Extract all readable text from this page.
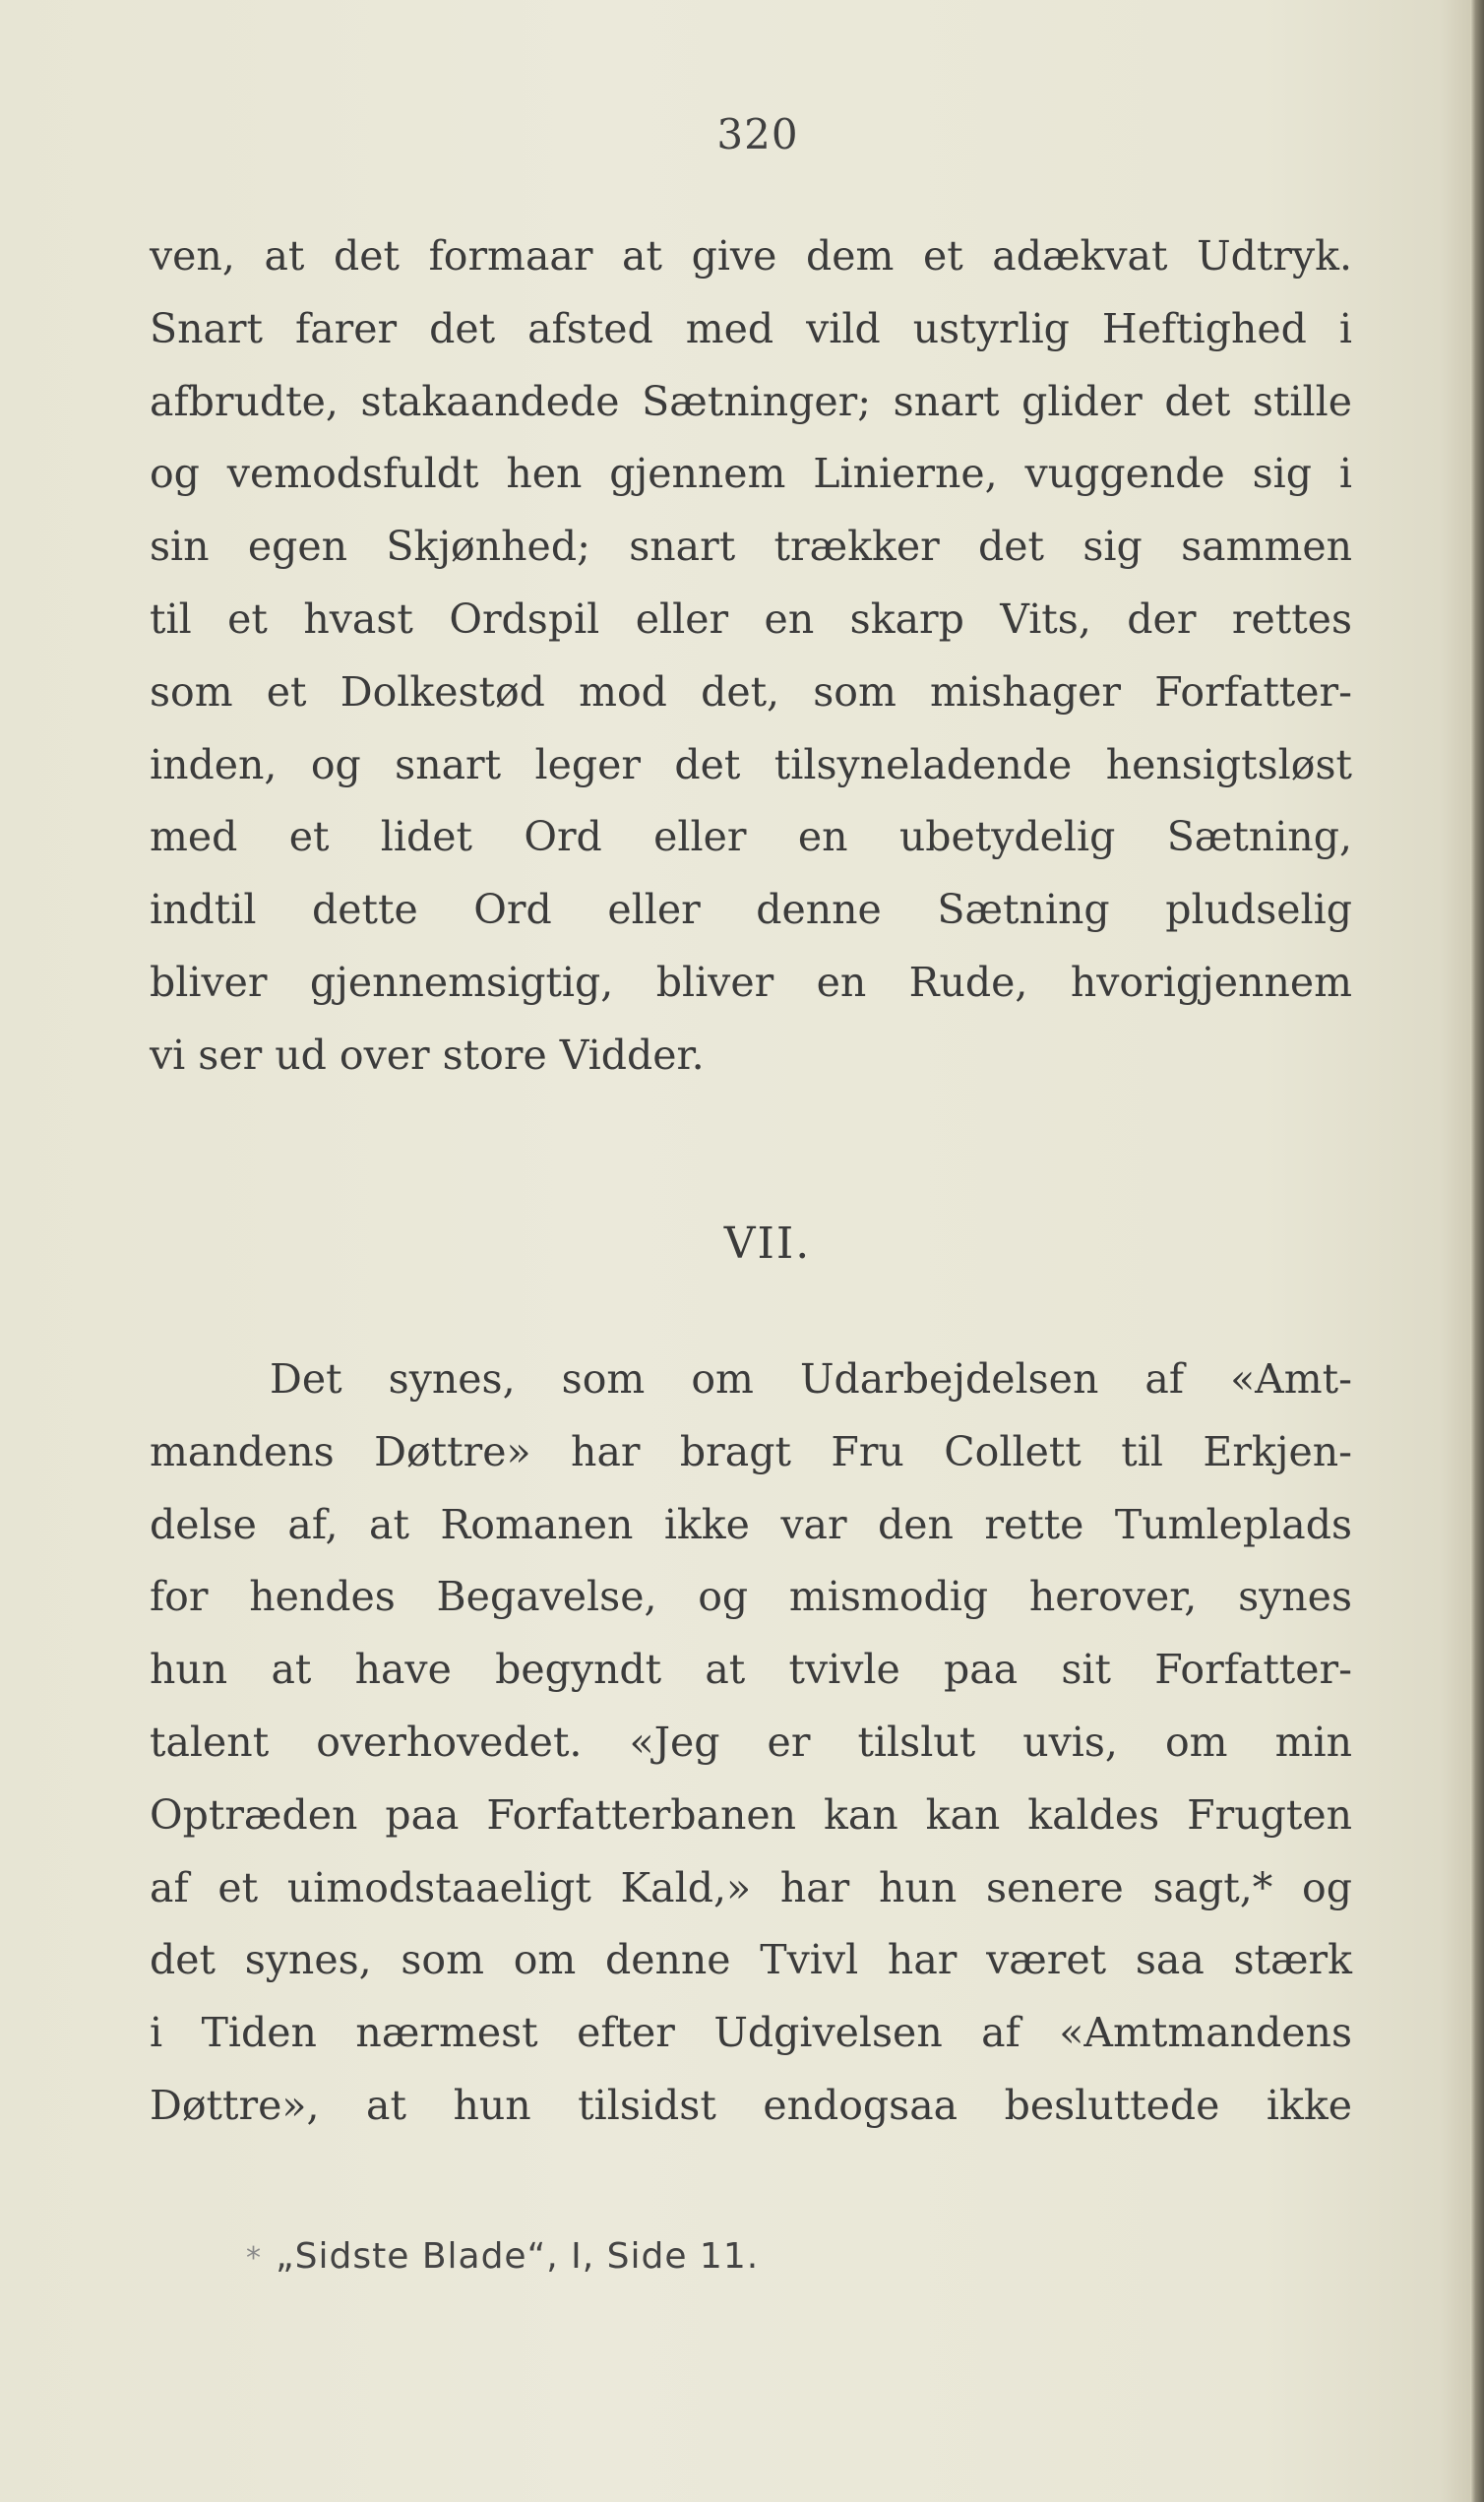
320
ven, at det formaar at give dem et adækvat Udtryk.
Snart farer det afsted med vild ustyrlig Heftighed i
afbrudte, stakaandede Sætninger; snart glider det stille
og vemodsfuldt hen gjennem Linierne, vuggende sig i
sin egen Skjønhed; snart trækker det sig sammen
til et hvast Ordspil eller en skarp Vits, der rettes
som et Dolkestød mod det, som mishager Forfatter-
inden, og snart leger det tilsyneladende hensigtsløst
med et lidet Ord eller en ubetydelig Sætning,
indtil dette Ord eller denne Sætning pludselig
bliver gjennemsigtig, bliver en Rude, hvorigjennem
vi ser ud over store Vidder.
VII.
Det synes, som om Udarbejdelsen af «Amt-
mandens Døttre» har bragt Fru Collett til Erkjen-
delse af, at Romanen ikke var den rette Tumleplads
for hendes Begavelse, og mismodig herover, synes
hun at have begyndt at tvivle paa sit Forfatter-
talent overhovedet. «Jeg er tilslut uvis, om min
Optræden paa Forfatterbanen kan kan kaldes Frugten
af et uimodstaaeligt Kald,» har hun senere sagt,* og
det synes, som om denne Tvivl har været saa stærk
i Tiden nærmest efter Udgivelsen af «Amtmandens
Døttre», at hun tilsidst endogsaa besluttede ikke
* „Sidste Blade“, I, Side 11.
